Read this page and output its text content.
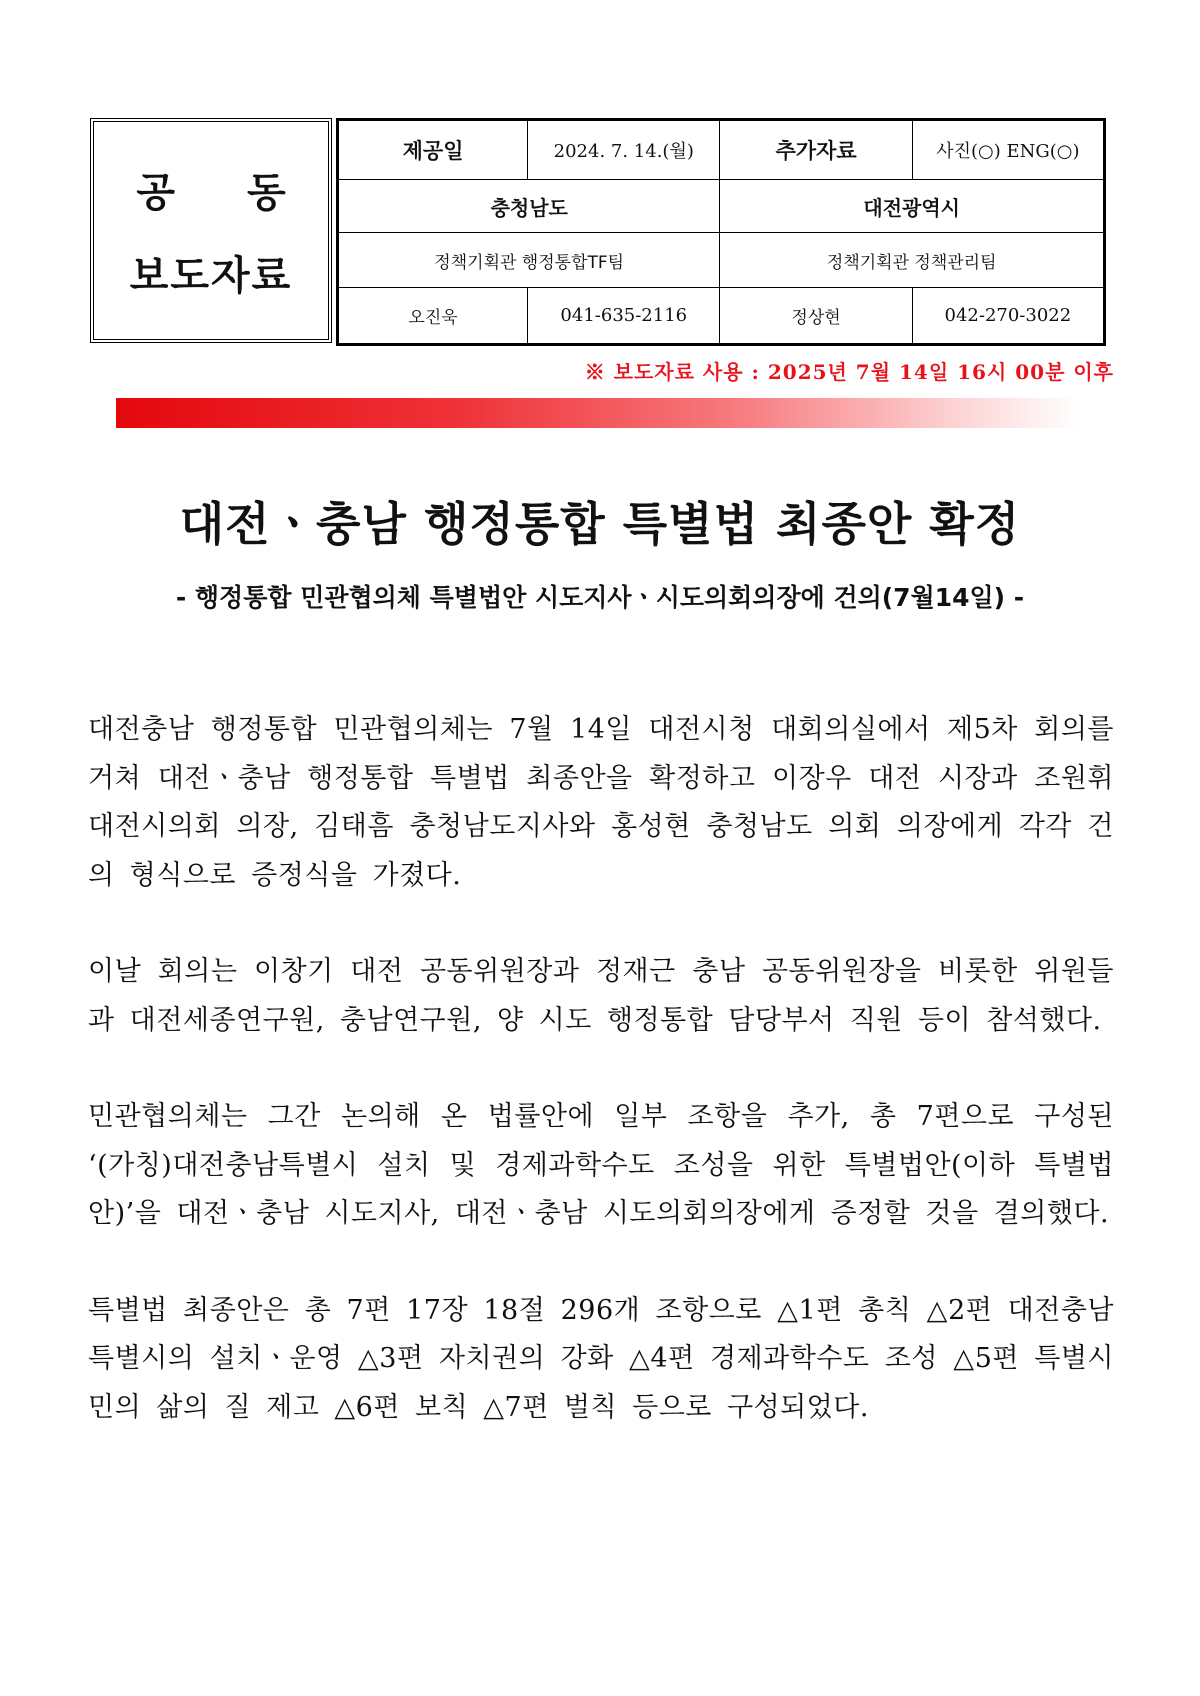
공동
보도자료
제공일	2024. 7. 14.(월)	추가자료	사진(○) ENG(○)
충청남도		대전광역시	
정책기획관 행정통합TF팀		정책기획관 정책관리팀	
오진욱	041-635-2116	정상현	042-270-3022
※ 보도자료 사용 : 2025년 7월 14일 16시 00분 이후
대전ㆍ충남 행정통합 특별법 최종안 확정
- 행정통합 민관협의체 특별법안 시도지사ㆍ시도의회의장에 건의(7월14일) -

대전충남 행정통합 민관협의체는 7월 14일 대전시청 대회의실에서 제5차 회의를 거쳐 대전ㆍ충남 행정통합 특별법 최종안을 확정하고 이장우 대전 시장과 조원휘 대전시의회 의장, 김태흠 충청남도지사와 홍성현 충청남도 의회 의장에게 각각 건의 형식으로 증정식을 가졌다.

이날 회의는 이창기 대전 공동위원장과 정재근 충남 공동위원장을 비롯한 위원들과 대전세종연구원, 충남연구원, 양 시도 행정통합 담당부서 직원 등이 참석했다.

민관협의체는 그간 논의해 온 법률안에 일부 조항을 추가, 총 7편으로 구성된 ‘(가칭)대전충남특별시 설치 및 경제과학수도 조성을 위한 특별법안(이하 특별법안)’을 대전ㆍ충남 시도지사, 대전ㆍ충남 시도의회의장에게 증정할 것을 결의했다.

특별법 최종안은 총 7편 17장 18절 296개 조항으로 △1편 총칙 △2편 대전충남특별시의 설치ㆍ운영 △3편 자치권의 강화 △4편 경제과학수도 조성 △5편 특별시민의 삶의 질 제고 △6편 보칙 △7편 벌칙 등으로 구성되었다.
